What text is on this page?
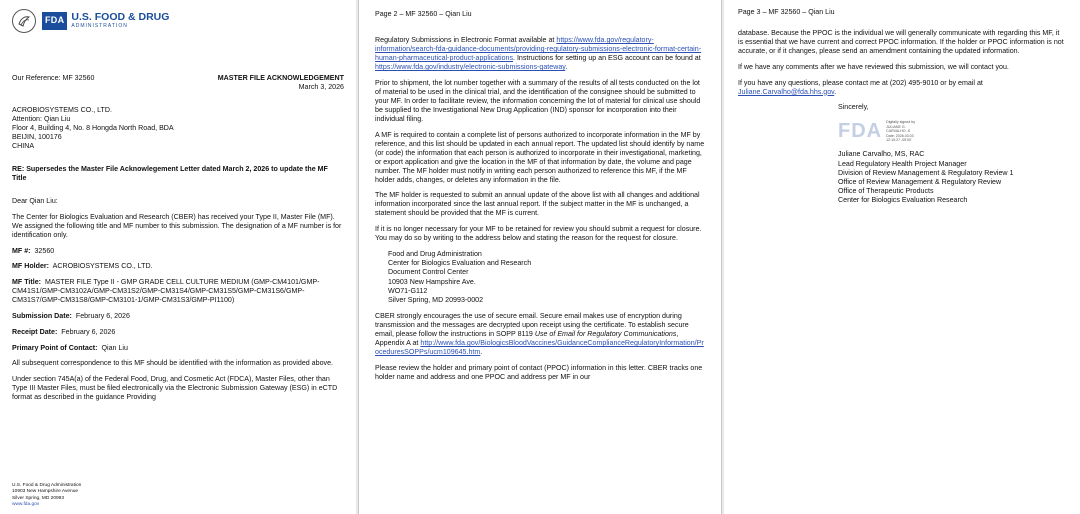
FDA U.S. FOOD & DRUG
ADMINISTRATION
Our Reference: MF 32560	MASTER FILE ACKNOWLEDGEMENT
March 3, 2026
ACROBIOSYSTEMS CO., LTD.
Attention: Qian Liu
Floor 4, Building 4, No. 8 Hongda North Road, BDA
BEIJIN, 100176
CHINA

RE: Supersedes the Master File Acknowlegement Letter dated March 2, 2026 to update the MF Title

Dear Qian Liu:

The Center for Biologics Evaluation and Research (CBER) has received your Type II, Master File (MF). We assigned the following title and MF number to this submission. The designation of a MF number is for identification only.

MF #: 32560

MF Holder: ACROBIOSYSTEMS CO., LTD.

MF Title: MASTER FILE Type II - GMP GRADE CELL CULTURE MEDIUM (GMP-CM4101/GMP-CM41S1/GMP-CM3102A/GMP-CM31S2/GMP-CM31S4/GMP-CM31S5/GMP-CM31S6/GMP-CM31S7/GMP-CM31S8/GMP-CM3101-1/GMP-CM31S3/GMP-PI1100)

Submission Date: February 6, 2026

Receipt Date: February 6, 2026

Primary Point of Contact: Qian Liu

All subsequent correspondence to this MF should be identified with the information as provided above.

Under section 745A(a) of the Federal Food, Drug, and Cosmetic Act (FDCA), Master Files, other than Type III Master Files, must be filed electronically via the Electronic Submission Gateway (ESG) in eCTD format as described in the guidance Providing

U.S. Food & Drug Administration
10903 New Hampshire Avenue
Silver Spring, MD 20993
www.fda.gov
Page 2 – MF 32560 – Qian Liu

Regulatory Submissions in Electronic Format available at https://www.fda.gov/regulatory-information/search-fda-guidance-documents/providing-regulatory-submissions-electronic-format-certain-human-pharmaceutical-product-applications. Instructions for setting up an ESG account can be found at https://www.fda.gov/industry/electronic-submissions-gateway.

Prior to shipment, the lot number together with a summary of the results of all tests conducted on the lot of material to be used in the clinical trial, and the identification of the consignee should be submitted to your MF. In order to facilitate review, the information concerning the lot of material for clinical use should be supplied to the Investigational New Drug Application (IND) sponsor for incorporation into their individual filing.

A MF is required to contain a complete list of persons authorized to incorporate information in the MF by reference, and this list should be updated in each annual report. The updated list should identify by name (or code) the information that each person is authorized to incorporate in their investigational, marketing, or export application and give the location in the MF of that information by date, the volume and page number. The MF holder must notify in writing each person authorized to reference this MF, if the MF holder adds, changes, or deletes any information in the file.

The MF holder is requested to submit an annual update of the above list with all changes and additional information incorporated since the last annual report. If the subject matter in the MF is unchanged, a statement should be provided that the MF is current.

If it is no longer necessary for your MF to be retained for review you should submit a request for closure. You may do so by writing to the address below and stating the reason for the request for closure.

Food and Drug Administration
Center for Biologics Evaluation and Research
Document Control Center
10903 New Hampshire Ave.
WO71-G112
Silver Spring, MD 20993-0002

CBER strongly encourages the use of secure email. Secure email makes use of encryption during transmission and the messages are decrypted upon receipt using the certificate. To establish secure email, please follow the instructions in SOPP 8119 Use of Email for Regulatory Communications, Appendix A at http://www.fda.gov/BiologicsBloodVaccines/GuidanceComplianceRegulatoryInformation/ProceduresSOPPs/ucm109645.htm.

Please review the holder and primary point of contact (PPOC) information in this letter. CBER tracks one holder name and address and one PPOC and address per MF in our

Page 3 – MF 32560 – Qian Liu

database. Because the PPOC is the individual we will generally communicate with regarding this MF, it is essential that we have current and correct PPOC information. If the holder or PPOC information is not accurate, or if it changes, please send an amendment containing the updated information.

If we have any comments after we have reviewed this submission, we will contact you.

If you have any questions, please contact me at (202) 495-9010 or by email at Juliane.Carvalho@fda.hhs.gov.

Sincerely,
FDA Digitally signed by
JULIANE G.
CARVALHO -S
Date: 2026.03.03
12:10:27 -05'00'
Juliane Carvalho, MS, RAC
Lead Regulatory Health Project Manager
Division of Review Management & Regulatory Review 1
Office of Review Management & Regulatory Review
Office of Therapeutic Products
Center for Biologics Evaluation Research
